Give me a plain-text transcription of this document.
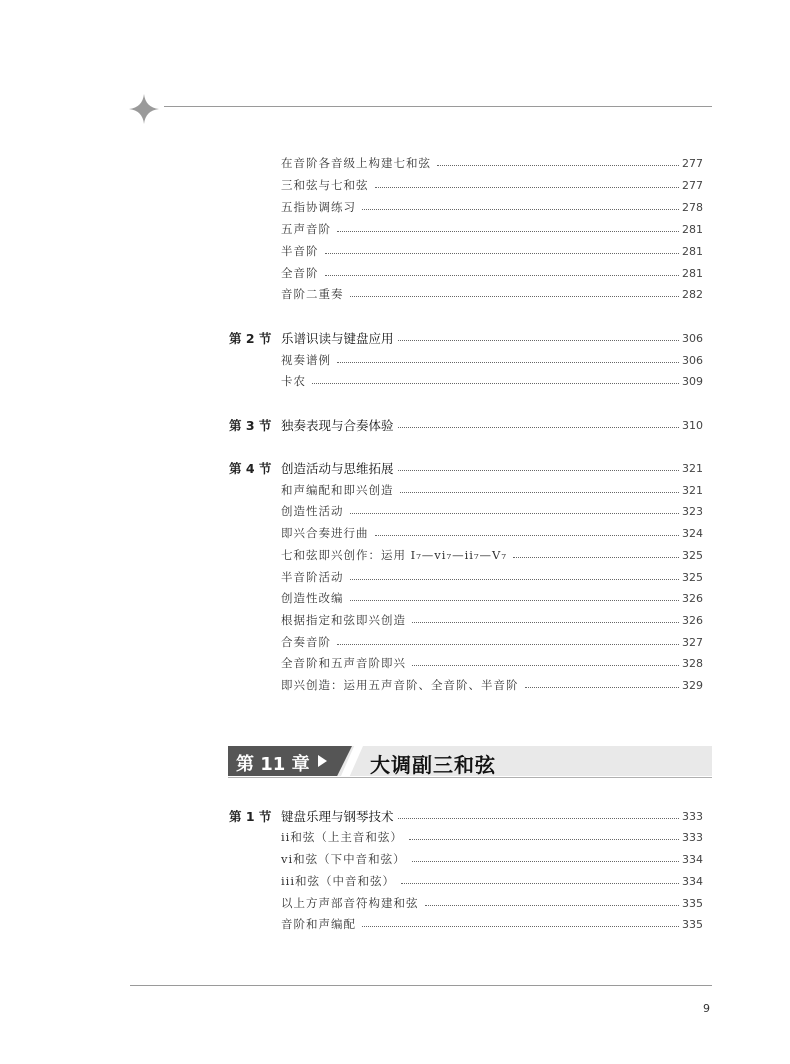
在音阶各音级上构建七和弦	277
三和弦与七和弦	277
五指协调练习	278
五声音阶	281
半音阶	281
全音阶	281
音阶二重奏	282
第 2 节 乐谱识读与键盘应用	306
视奏谱例	306
卡农	309
第 3 节 独奏表现与合奏体验	310
第 4 节 创造活动与思维拓展	321
和声编配和即兴创造	321
创造性活动	323
即兴合奏进行曲	324
七和弦即兴创作：运用 Ⅰ₇—vi₇—ii₇—Ⅴ₇	325
半音阶活动	325
创造性改编	326
根据指定和弦即兴创造	326
合奏音阶	327
全音阶和五声音阶即兴	328
即兴创造：运用五声音阶、全音阶、半音阶	329
第 11 章	大调副三和弦
第 1 节 键盘乐理与钢琴技术	333
ii和弦（上主音和弦）	333
vi和弦（下中音和弦）	334
iii和弦（中音和弦）	334
以上方声部音符构建和弦	335
音阶和声编配	335
9
